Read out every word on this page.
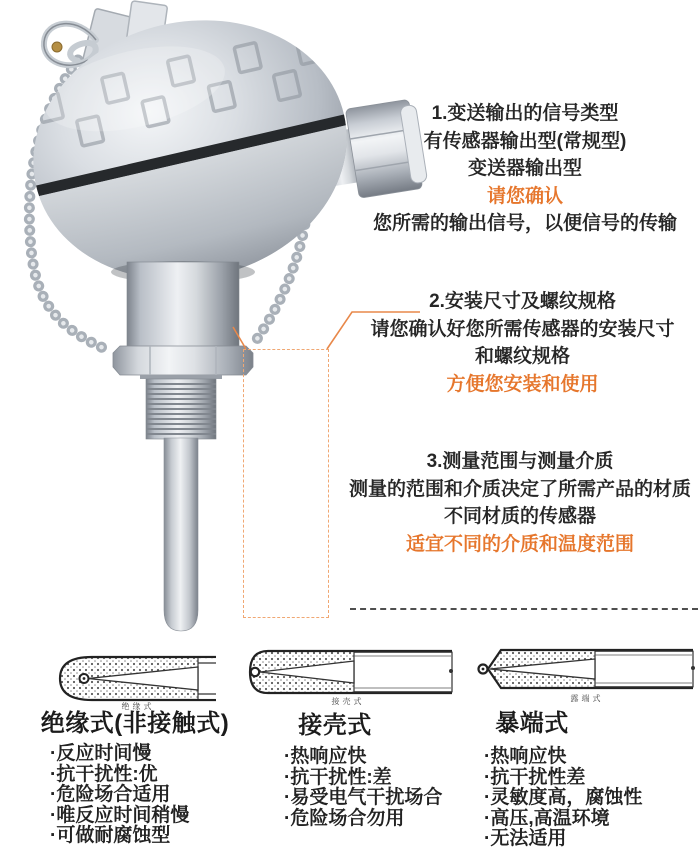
1.变送输出的信号类型
有传感器输出型(常规型)
变送器输出型
请您确认
您所需的输出信号，以便信号的传输
2.安装尺寸及螺纹规格
请您确认好您所需传感器的安装尺寸
和螺纹规格
方便您安装和使用
3.测量范围与测量介质
测量的范围和介质决定了所需产品的材质
不同材质的传感器
适宜不同的介质和温度范围
绝缘式
接壳式	露端式
绝缘式(非接触式)	接壳式	暴端式
·反应时间慢
·抗干扰性:优
·危险场合适用
·唯反应时间稍慢
·可做耐腐蚀型
·热响应快
·抗干扰性:差
·易受电气干扰场合
·危险场合勿用
·热响应快
·抗干扰性差
·灵敏度高，腐蚀性
·高压,高温环境
·无法适用
